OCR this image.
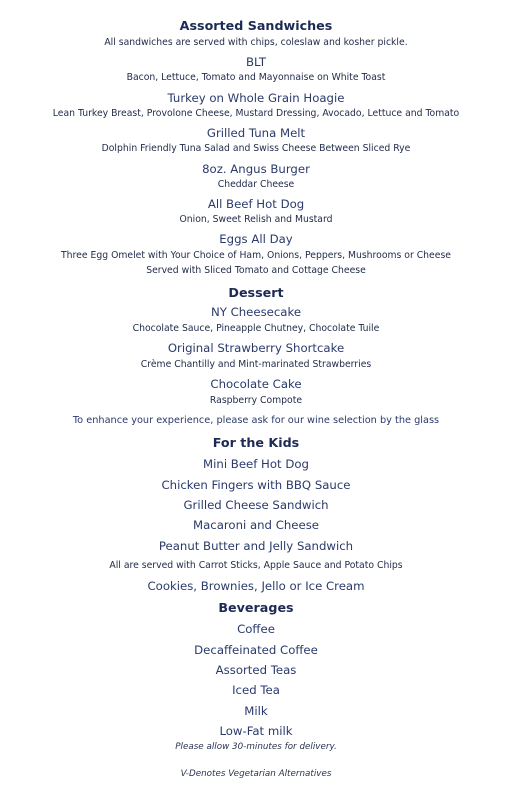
Assorted Sandwiches
All sandwiches are served with chips, coleslaw and kosher pickle.
BLT
Bacon, Lettuce, Tomato and Mayonnaise on White Toast
Turkey on Whole Grain Hoagie
Lean Turkey Breast, Provolone Cheese, Mustard Dressing, Avocado, Lettuce and Tomato
Grilled Tuna Melt
Dolphin Friendly Tuna Salad and Swiss Cheese Between Sliced Rye
8oz. Angus Burger
Cheddar Cheese
All Beef Hot Dog
Onion, Sweet Relish and Mustard
Eggs All Day
Three Egg Omelet with Your Choice of Ham, Onions, Peppers, Mushrooms or Cheese
Served with Sliced Tomato and Cottage Cheese
Dessert
NY Cheesecake
Chocolate Sauce, Pineapple Chutney, Chocolate Tuile
Original Strawberry Shortcake
Crème Chantilly and Mint-marinated Strawberries
Chocolate Cake
Raspberry Compote
To enhance your experience, please ask for our wine selection by the glass
For the Kids
Mini Beef Hot Dog
Chicken Fingers with BBQ Sauce
Grilled Cheese Sandwich
Macaroni and Cheese
Peanut Butter and Jelly Sandwich
All are served with Carrot Sticks, Apple Sauce and Potato Chips
Cookies, Brownies, Jello or Ice Cream
Beverages
Coffee
Decaffeinated Coffee
Assorted Teas
Iced Tea
Milk
Low-Fat milk
Please allow 30-minutes for delivery.
V-Denotes Vegetarian Alternatives
